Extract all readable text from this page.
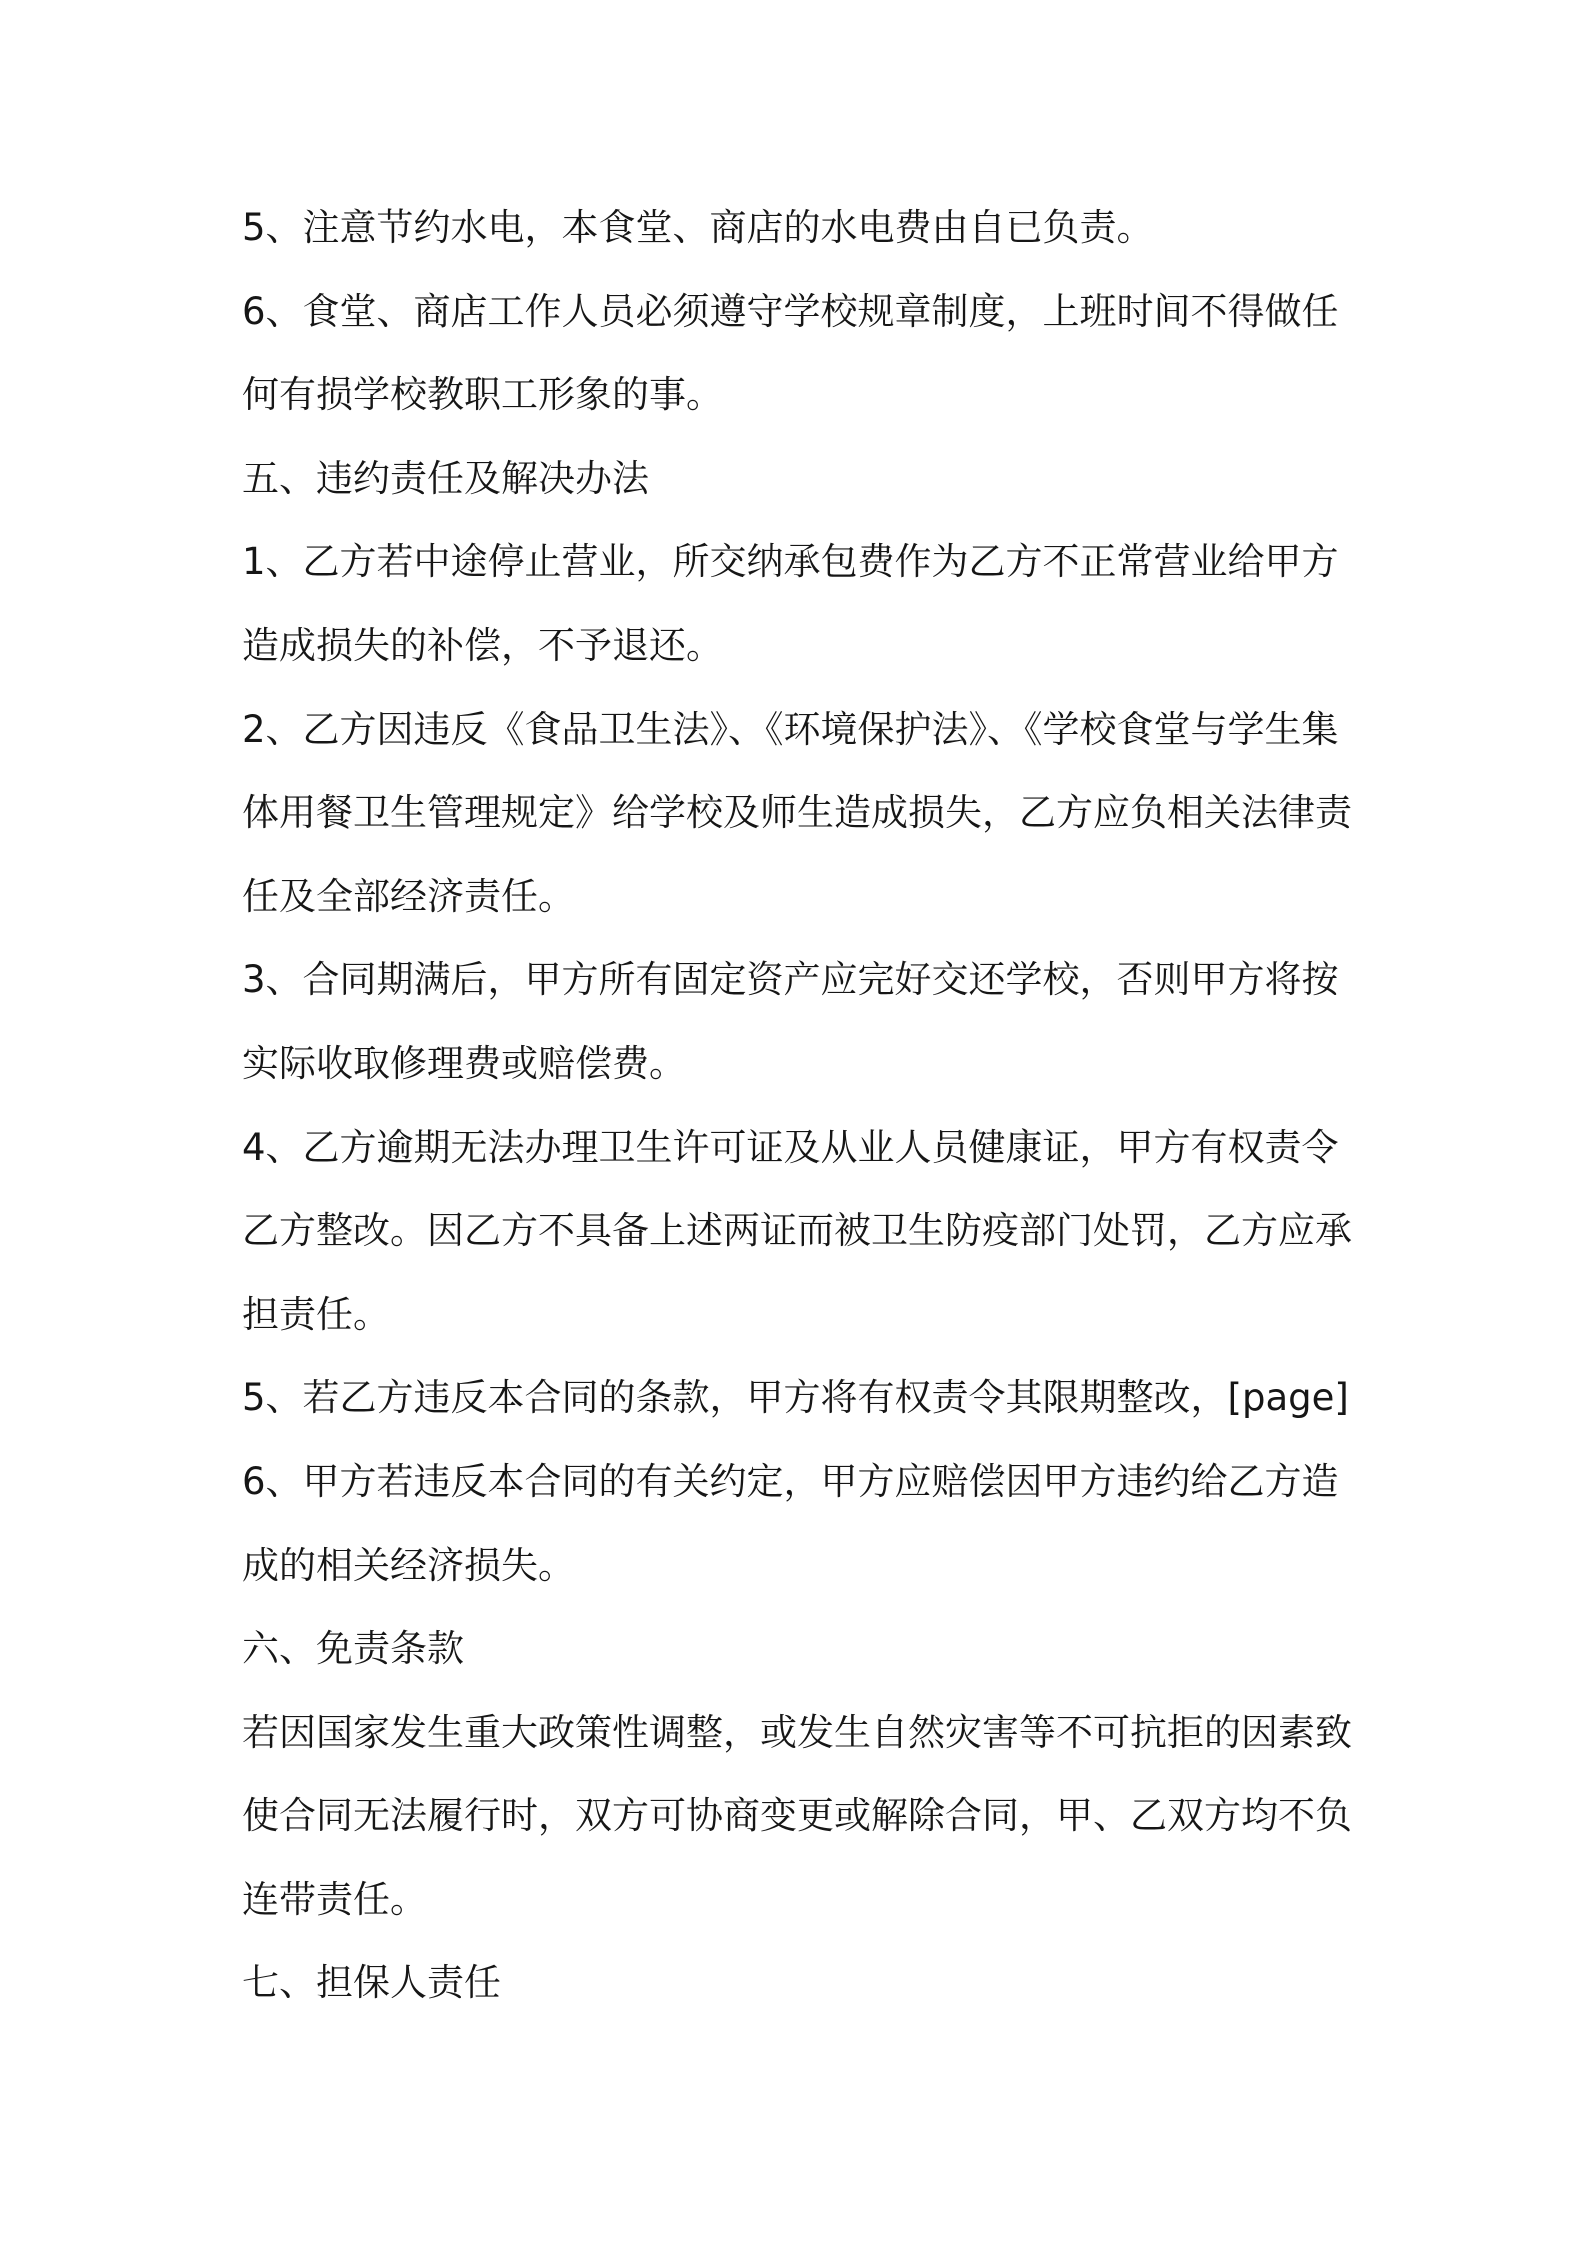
5、注意节约水电，本食堂、商店的水电费由自已负责。
6、食堂、商店工作人员必须遵守学校规章制度，上班时间不得做任
何有损学校教职工形象的事。
五、违约责任及解决办法
1、乙方若中途停止营业，所交纳承包费作为乙方不正常营业给甲方
造成损失的补偿，不予退还。
2、乙方因违反《食品卫生法》、《环境保护法》、《学校食堂与学生集
体用餐卫生管理规定》给学校及师生造成损失，乙方应负相关法律责
任及全部经济责任。
3、合同期满后，甲方所有固定资产应完好交还学校，否则甲方将按
实际收取修理费或赔偿费。
4、乙方逾期无法办理卫生许可证及从业人员健康证，甲方有权责令
乙方整改。因乙方不具备上述两证而被卫生防疫部门处罚，乙方应承
担责任。
5、若乙方违反本合同的条款，甲方将有权责令其限期整改，[page]
6、甲方若违反本合同的有关约定，甲方应赔偿因甲方违约给乙方造
成的相关经济损失。
六、免责条款
若因国家发生重大政策性调整，或发生自然灾害等不可抗拒的因素致
使合同无法履行时，双方可协商变更或解除合同，甲、乙双方均不负
连带责任。
七、担保人责任
